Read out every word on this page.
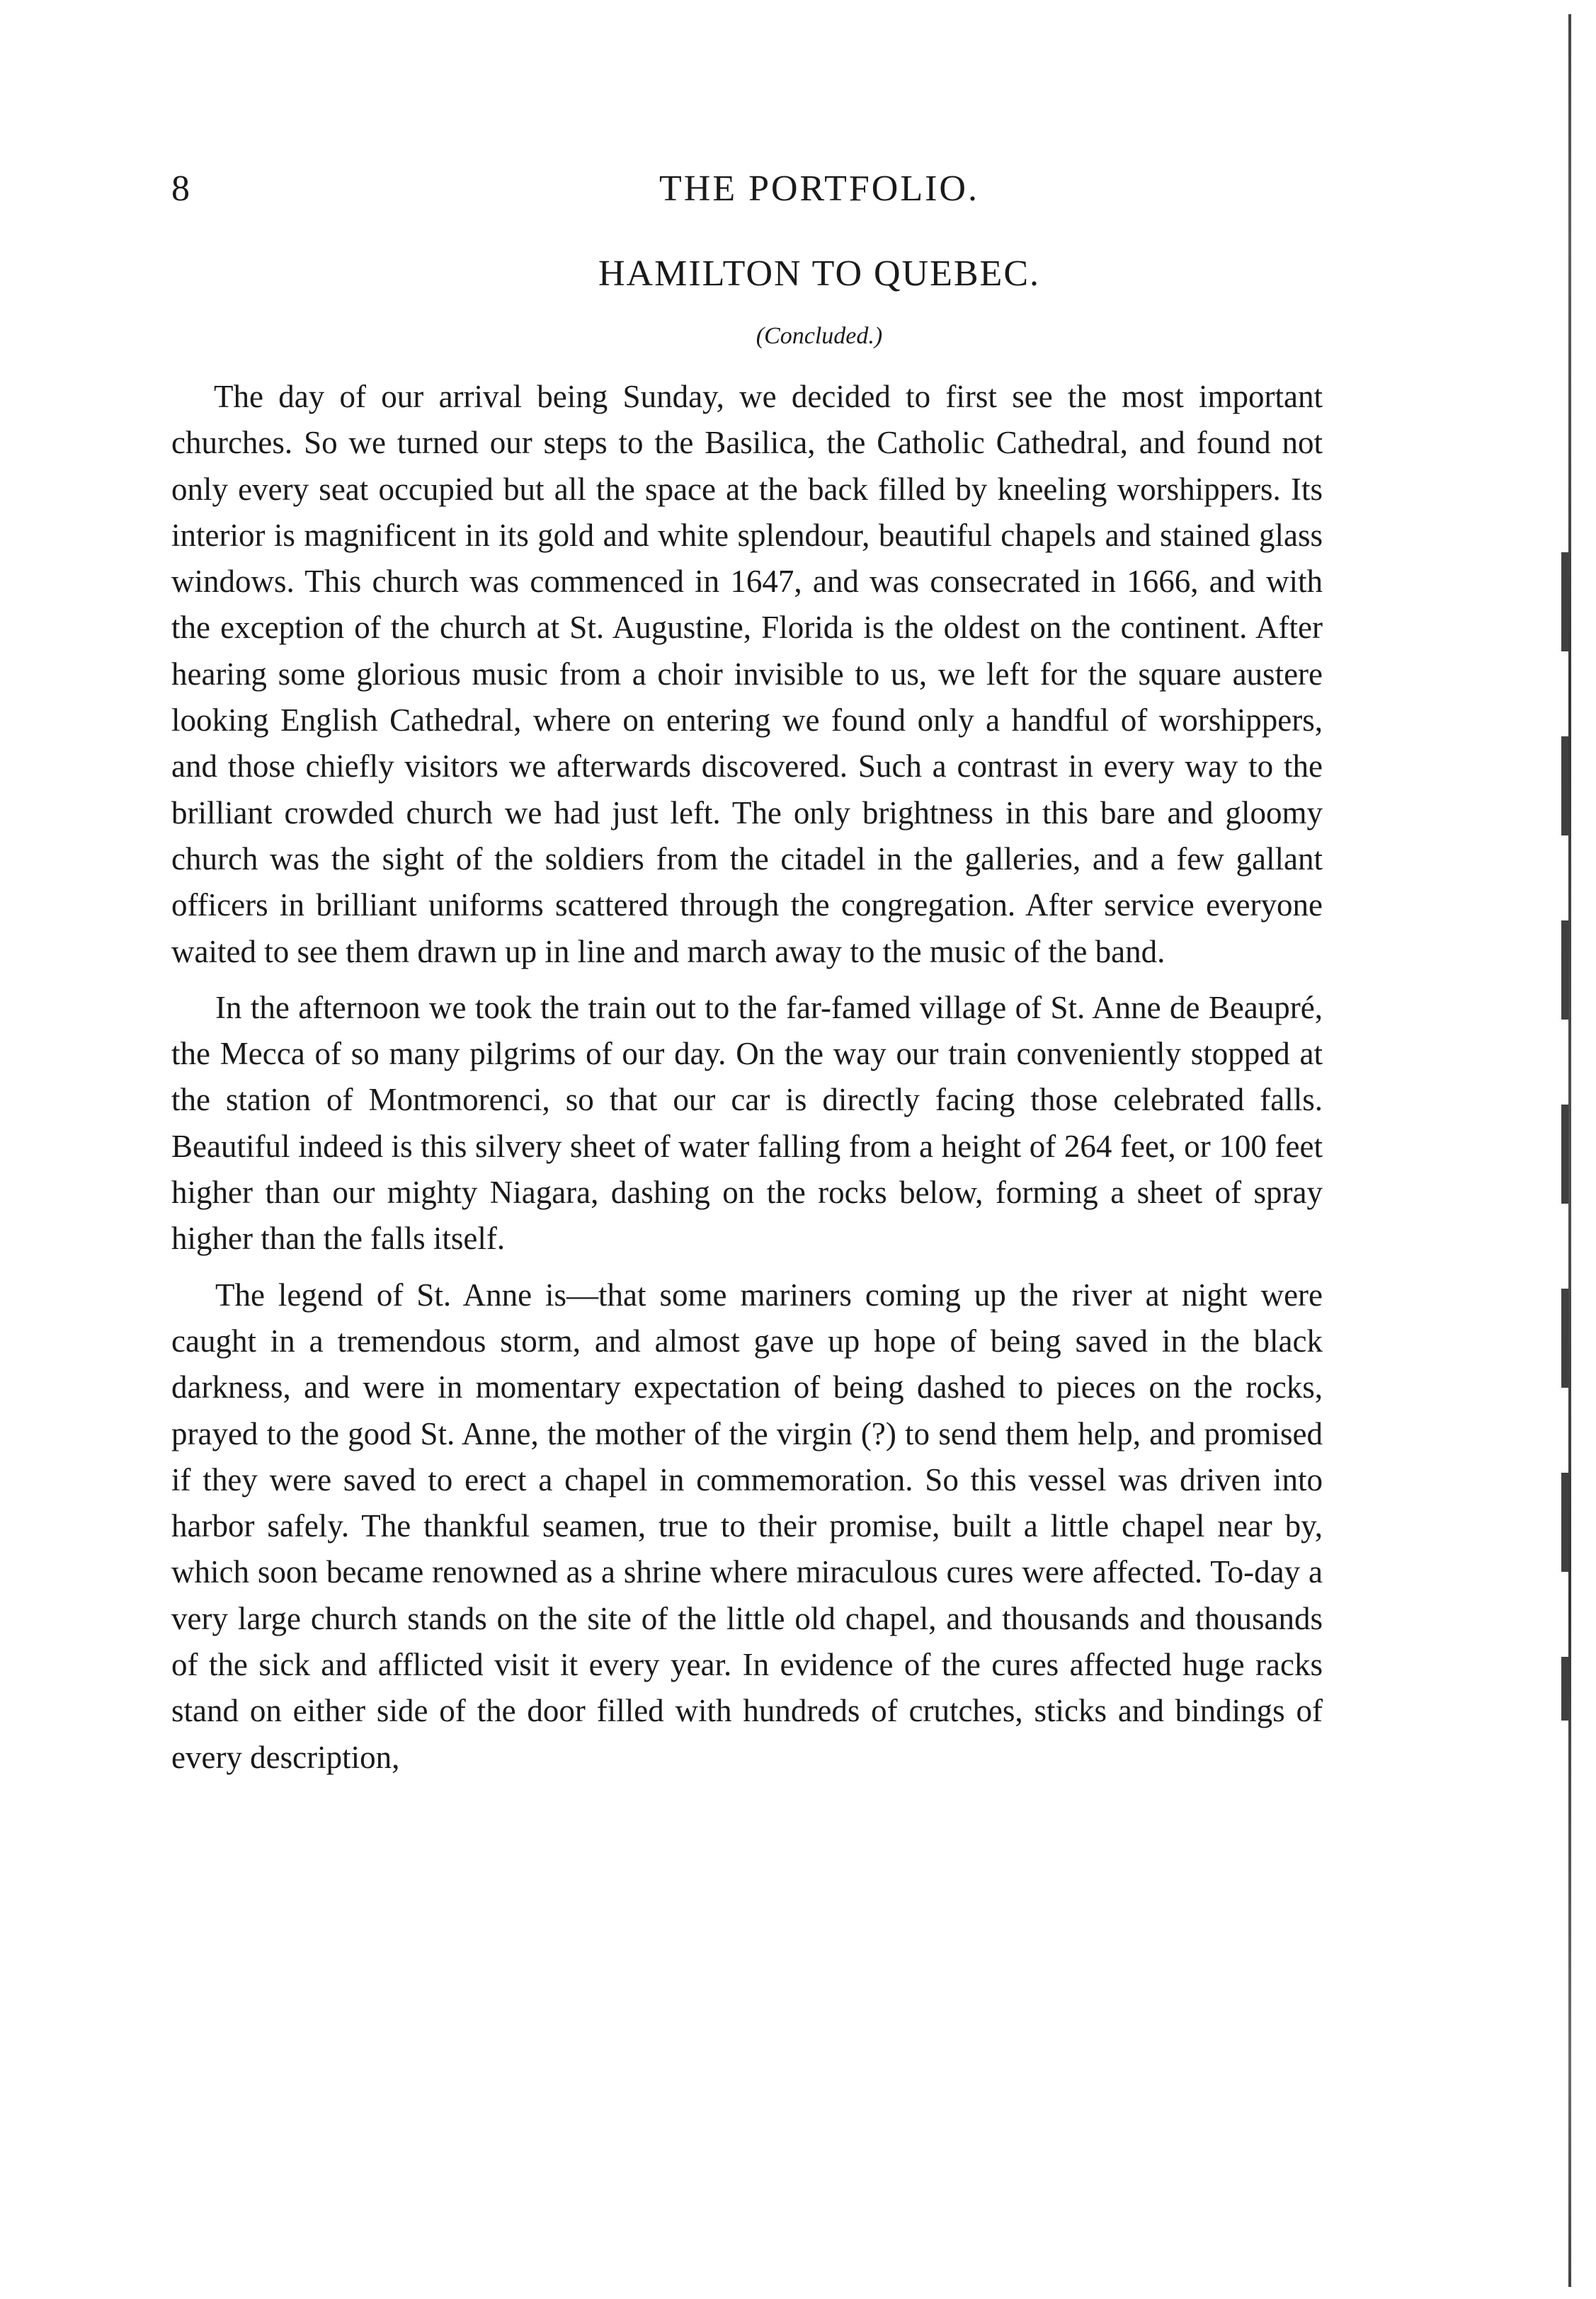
8	THE PORTFOLIO.
HAMILTON TO QUEBEC.
(Concluded.)

The day of our arrival being Sunday, we decided to first see the most important churches. So we turned our steps to the Basilica, the Catholic Cathedral, and found not only every seat occupied but all the space at the back filled by kneeling worshippers. Its interior is magnificent in its gold and white splendour, beautiful chapels and stained glass windows. This church was commenced in 1647, and was consecrated in 1666, and with the exception of the church at St. Augustine, Florida is the oldest on the continent. After hearing some glorious music from a choir invisible to us, we left for the square austere looking English Cathedral, where on entering we found only a handful of worshippers, and those chiefly visitors we afterwards discovered. Such a contrast in every way to the brilliant crowded church we had just left. The only brightness in this bare and gloomy church was the sight of the soldiers from the citadel in the galleries, and a few gallant officers in brilliant uniforms scattered through the congregation. After service everyone waited to see them drawn up in line and march away to the music of the band.

In the afternoon we took the train out to the far-famed village of St. Anne de Beaupré, the Mecca of so many pilgrims of our day. On the way our train conveniently stopped at the station of Montmorenci, so that our car is directly facing those celebrated falls. Beautiful indeed is this silvery sheet of water falling from a height of 264 feet, or 100 feet higher than our mighty Niagara, dashing on the rocks below, forming a sheet of spray higher than the falls itself.

The legend of St. Anne is—that some mariners coming up the river at night were caught in a tremendous storm, and almost gave up hope of being saved in the black darkness, and were in momentary expectation of being dashed to pieces on the rocks, prayed to the good St. Anne, the mother of the virgin (?) to send them help, and promised if they were saved to erect a chapel in commemoration. So this vessel was driven into harbor safely. The thankful seamen, true to their promise, built a little chapel near by, which soon became renowned as a shrine where miraculous cures were affected. To-day a very large church stands on the site of the little old chapel, and thousands and thousands of the sick and afflicted visit it every year. In evidence of the cures affected huge racks stand on either side of the door filled with hundreds of crutches, sticks and bindings of every description,
